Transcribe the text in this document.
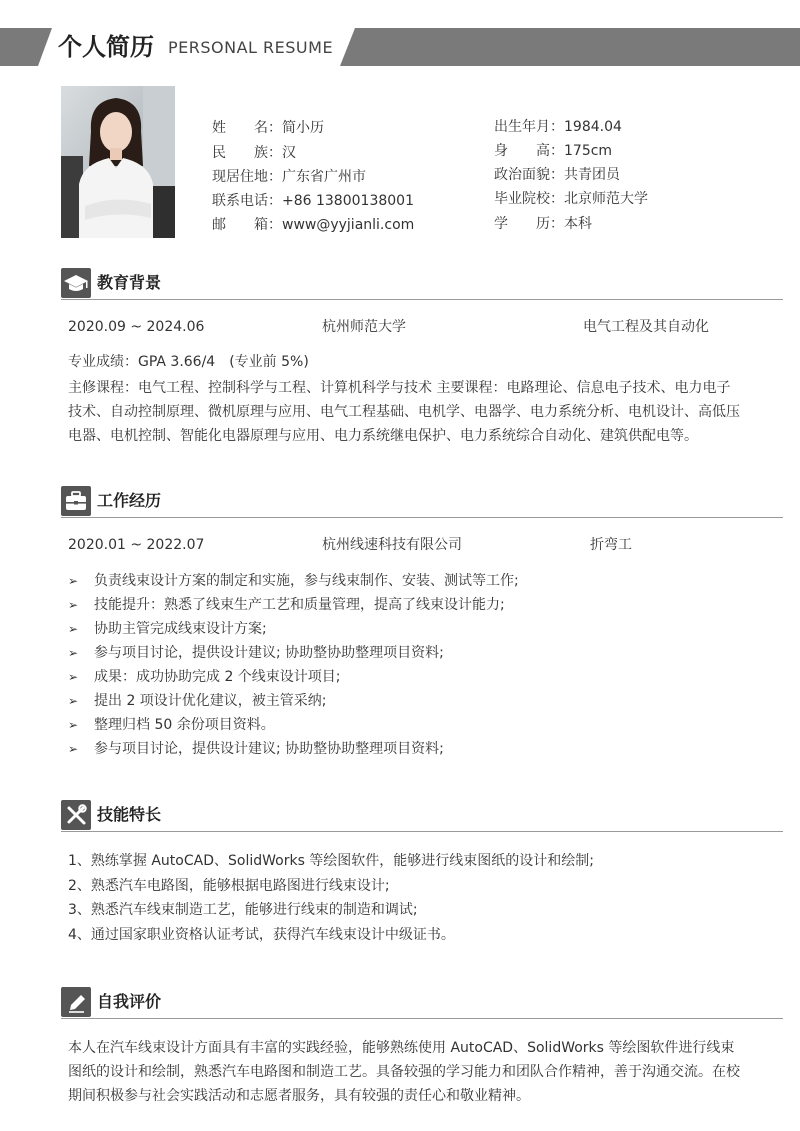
个人简历 PERSONAL RESUME
姓　　名：简小历
民　　族：汉
现居住地：广东省广州市
联系电话：+86 13800138001
邮　　箱：www@yyjianli.com
出生年月：1984.04
身　　高：175cm
政治面貌：共青团员
毕业院校：北京师范大学
学　　历：本科
教育背景
2020.09 ~ 2024.06	杭州师范大学	电气工程及其自动化
专业成绩：GPA 3.66/4　(专业前 5%)
主修课程：电气工程、控制科学与工程、计算机科学与技术 主要课程：电路理论、信息电子技术、电力电子
技术、自动控制原理、微机原理与应用、电气工程基础、电机学、电器学、电力系统分析、电机设计、高低压
电器、电机控制、智能化电器原理与应用、电力系统继电保护、电力系统综合自动化、建筑供配电等。
工作经历
2020.01 ~ 2022.07	杭州线速科技有限公司	折弯工
➢ 负责线束设计方案的制定和实施，参与线束制作、安装、测试等工作;
➢ 技能提升：熟悉了线束生产工艺和质量管理，提高了线束设计能力;
➢ 协助主管完成线束设计方案;
➢ 参与项目讨论，提供设计建议; 协助整协助整理项目资料;
➢ 成果：成功协助完成 2 个线束设计项目;
➢ 提出 2 项设计优化建议，被主管采纳;
➢ 整理归档 50 余份项目资料。
➢ 参与项目讨论，提供设计建议; 协助整协助整理项目资料;
技能特长
1、熟练掌握 AutoCAD、SolidWorks 等绘图软件，能够进行线束图纸的设计和绘制;
2、熟悉汽车电路图，能够根据电路图进行线束设计;
3、熟悉汽车线束制造工艺，能够进行线束的制造和调试;
4、通过国家职业资格认证考试，获得汽车线束设计中级证书。
自我评价
本人在汽车线束设计方面具有丰富的实践经验，能够熟练使用 AutoCAD、SolidWorks 等绘图软件进行线束
图纸的设计和绘制，熟悉汽车电路图和制造工艺。具备较强的学习能力和团队合作精神，善于沟通交流。在校
期间积极参与社会实践活动和志愿者服务，具有较强的责任心和敬业精神。
